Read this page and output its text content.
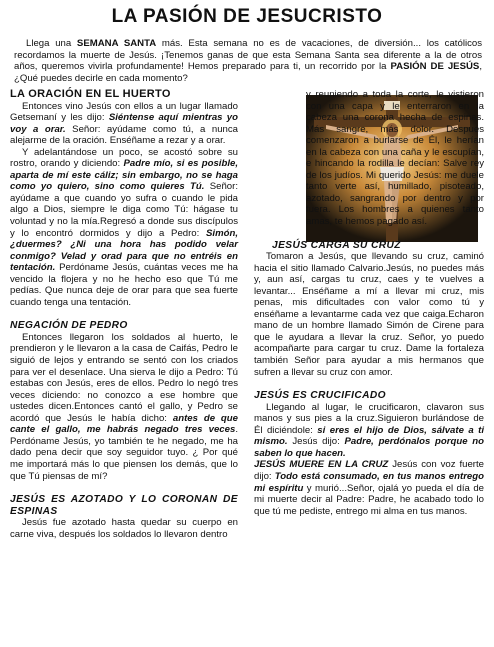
LA PASIÓN DE JESUCRISTO
Llega una SEMANA SANTA más. Esta semana no es de vacaciones, de diversión... los católicos recordamos la muerte de Jesús. ¡Tenemos ganas de que esta Semana Santa sea diferente a la de otros años, queremos vivirla profundamente! Hemos preparado para ti, un recorrido por la PASIÓN DE JESÚS, ¿Qué puedes decirle en cada momento?
LA ORACIÓN EN EL HUERTO

Entonces vino Jesús con ellos a un lugar llamado Getsemaní y les dijo: Siéntense aquí mientras yo voy a orar. Señor: ayúdame como tú, a nunca alejarme de la oración. Enséñame a rezar y a orar.

Y adelantándose un poco, se acostó sobre su rostro, orando y diciendo: Padre mío, si es posible, aparta de mí este cáliz; sin embargo, no se haga como yo quiero, sino como quieres Tú. Señor: ayúdame a que cuando yo sufra o cuando le pida algo a Dios, siempre le diga como Tú: hágase tu voluntad y no la mía.Regresó a donde sus discípulos y lo encontró dormidos y dijo a Pedro: Simón, ¿duermes? ¿Ni una hora has podido velar conmigo? Velad y orad para que no entréis en tentación. Perdóname Jesús, cuántas veces me ha vencido la flojera y no he hecho eso que Tú me pedías. Que nunca deje de orar para que sea fuerte cuando tenga una tentación.

NEGACIÓN DE PEDRO

Entonces llegaron los soldados al huerto, le prendieron y le llevaron a la casa de Caifás, Pedro le siguió de lejos y entrando se sentó con los criados para ver el desenlace. Una sierva le dijo a Pedro: Tú estabas con Jesús, eres de ellos. Pedro lo negó tres veces diciendo: no conozco a ese hombre que ustedes dicen.Entonces cantó el gallo, y Pedro se acordó que Jesús le había dicho: antes de que cante el gallo, me habrás negado tres veces. Perdóname Jesús, yo también te he negado, me ha dado pena decir que soy seguidor tuyo. ¿ Por qué me importará más lo que piensen los demás, que lo que Tú piensas de mí?

JESÚS ES AZOTADO Y LO CORONAN DE ESPINAS

Jesús fue azotado hasta quedar su cuerpo en carne viva, después los soldados lo llevaron dentro

y reuniendo a toda la corte, le vistieron con una capa y le enterraron en la cabeza una corona hecha de espinas. Más sangre, más dolor. Después comenzaron a burlarse de Él, le herían en la cabeza con una caña y le escupían, e hincando la rodilla le decían: Salve rey de los judíos. Mi querido Jesús: me duele tanto verte así, humillado, pisoteado, azotado, sangrando por dentro y por fuera. Los hombres a quienes tanto amas, te hemos pagado así.

JESÚS CARGA SU CRUZ

Tomaron a Jesús, que llevando su cruz, caminó hacia el sitio llamado Calvario.Jesús, no puedes más y, aun así, cargas tu cruz, caes y te vuelves a levantar... Enséñame a mí a llevar mi cruz, mis penas, mis dificultades con valor como tú y enséñame a levantarme cada vez que caiga.Echaron mano de un hombre llamado Simón de Cirene para que le ayudara a llevar la cruz. Señor, yo puedo acompañarte para cargar tu cruz. Dame la fortaleza también Señor para ayudar a mis hermanos que sufren a llevar su cruz con amor.

JESÚS ES CRUCIFICADO

Llegando al lugar, le crucificaron, clavaron sus manos y sus pies a la cruz.Siguieron burlándose de Él diciéndole: si eres el hijo de Dios, sálvate a ti mismo. Jesús dijo: Padre, perdónalos porque no saben lo que hacen.

JESÚS MUERE EN LA CRUZ Jesús con voz fuerte dijo: Todo está consumado, en tus manos entrego mi espíritu y murió...Señor, ojalá yo pueda el día de mi muerte decir al Padre: Padre, he acabado todo lo que tú me pediste, entrego mi alma en tus manos.
